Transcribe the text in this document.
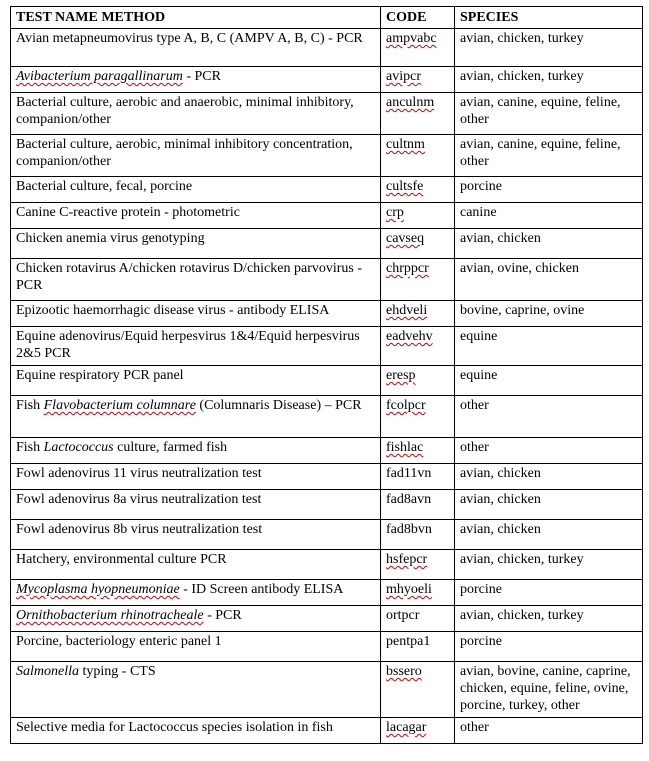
TEST NAME METHOD	CODE	SPECIES
Avian metapneumovirus type A, B, C (AMPV A, B, C) - PCR	ampvabc	avian, chicken, turkey
Avibacterium paragallinarum - PCR	avipcr	avian, chicken, turkey
Bacterial culture, aerobic and anaerobic, minimal inhibitory, companion/other	anculnm	avian, canine, equine, feline, other
Bacterial culture, aerobic, minimal inhibitory concentration, companion/other	cultnm	avian, canine, equine, feline, other
Bacterial culture, fecal, porcine	cultsfe	porcine
Canine C-reactive protein - photometric	crp	canine
Chicken anemia virus genotyping	cavseq	avian, chicken
Chicken rotavirus A/chicken rotavirus D/chicken parvovirus - PCR	chrppcr	avian, ovine, chicken
Epizootic haemorrhagic disease virus - antibody ELISA	ehdveli	bovine, caprine, ovine
Equine adenovirus/Equid herpesvirus 1&4/Equid herpesvirus 2&5 PCR	eadvehv	equine
Equine respiratory PCR panel	eresp	equine
Fish Flavobacterium columnare (Columnaris Disease) – PCR	fcolpcr	other
Fish Lactococcus culture, farmed fish	fishlac	other
Fowl adenovirus 11 virus neutralization test	fad11vn	avian, chicken
Fowl adenovirus 8a virus neutralization test	fad8avn	avian, chicken
Fowl adenovirus 8b virus neutralization test	fad8bvn	avian, chicken
Hatchery, environmental culture PCR	hsfepcr	avian, chicken, turkey
Mycoplasma hyopneumoniae - ID Screen antibody ELISA	mhyoeli	porcine
Ornithobacterium rhinotracheale - PCR	ortpcr	avian, chicken, turkey
Porcine, bacteriology enteric panel 1	pentpa1	porcine
Salmonella typing - CTS	bssero	avian, bovine, canine, caprine, chicken, equine, feline, ovine, porcine, turkey, other
Selective media for Lactococcus species isolation in fish	lacagar	other
